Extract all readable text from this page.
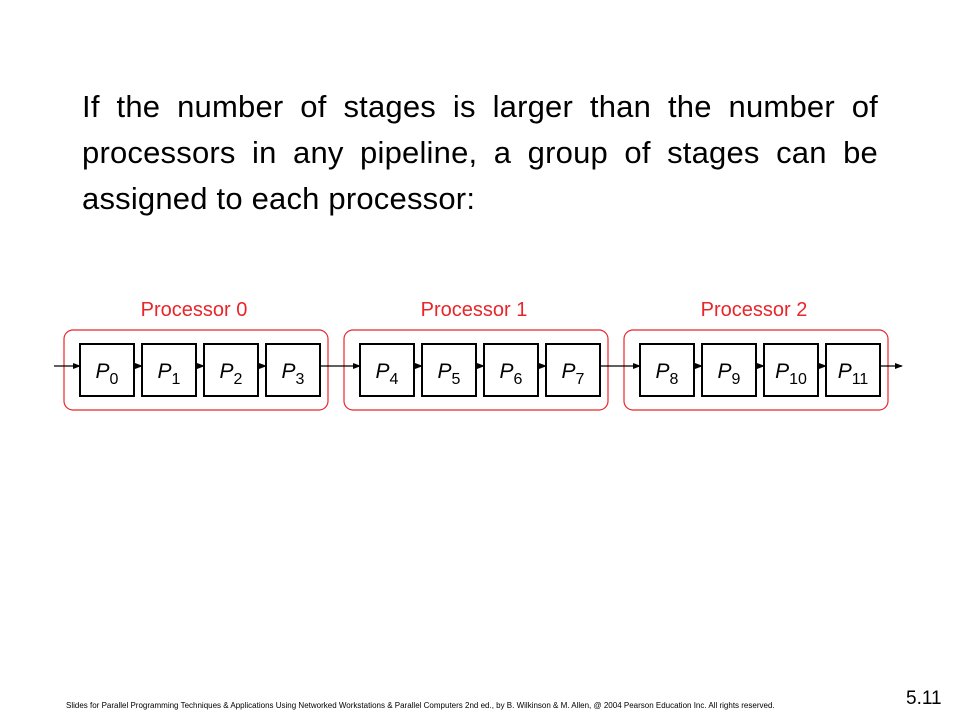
If the number of stages is larger than the number of processors in any pipeline, a group of stages can be assigned to each processor:

Processor 0	Processor 1	Processor 2
$P_0$ $P_1$ $P_2$ $P_3$	$P_4$ $P_5$ $P_6$ $P_7$	$P_8$ $P_9$ $P_{10}$ $P_{11}$
Slides for Parallel Programming Techniques & Applications Using Networked Workstations & Parallel Computers 2nd ed., by B. Wilkinson & M. Allen, @ 2004 Pearson Education Inc. All rights reserved.	5.11
